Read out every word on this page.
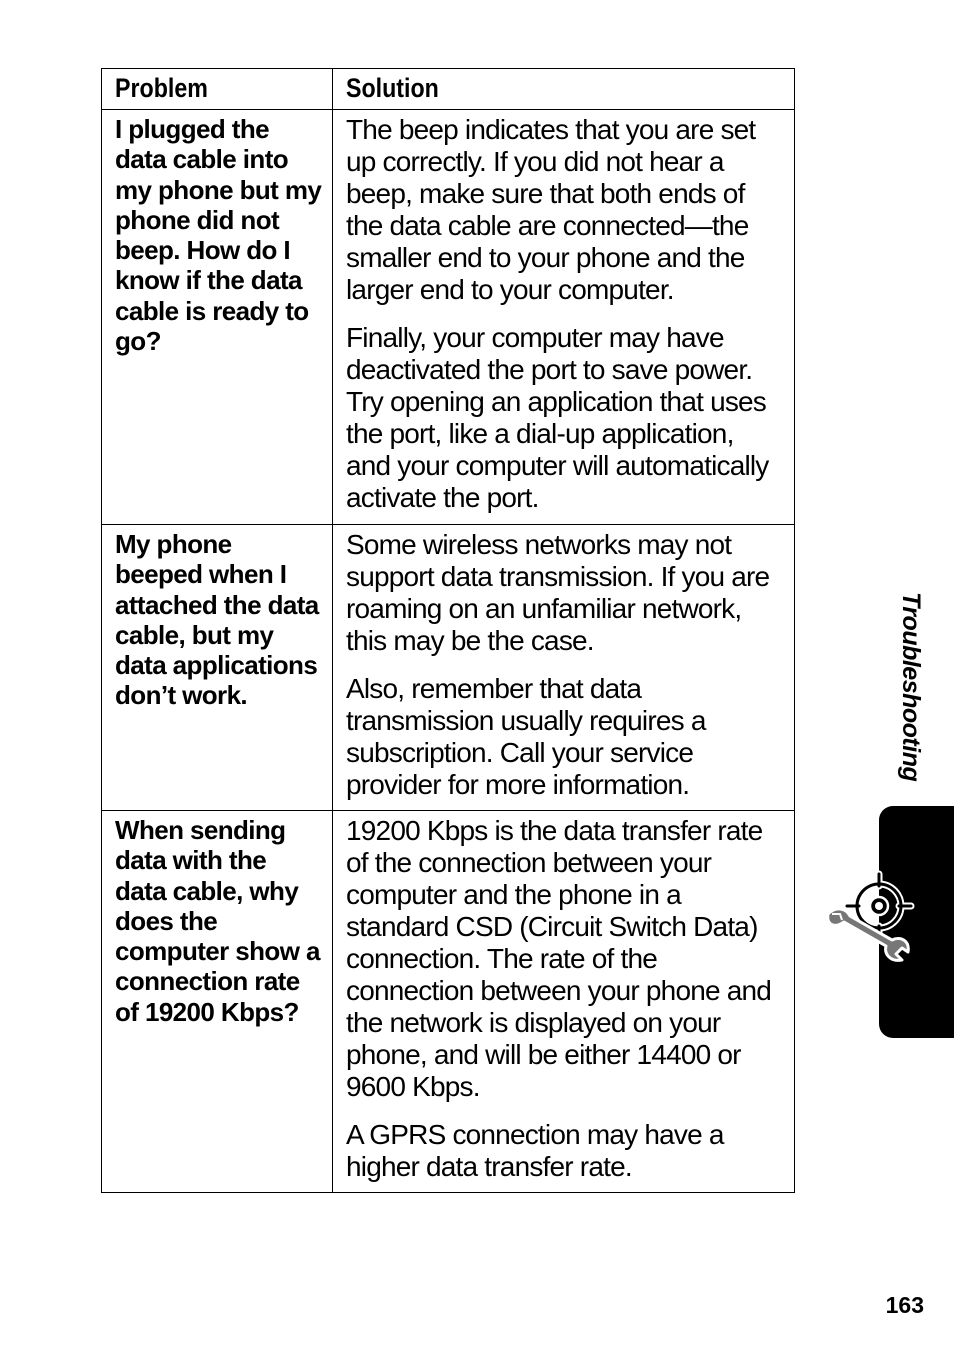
Problem	Solution
I plugged the data cable into my phone but my phone did not beep. How do I know if the data cable is ready to go?	The beep indicates that you are set up correctly. If you did not hear a beep, make sure that both ends of the data cable are connected—the smaller end to your phone and the larger end to your computer.

Finally, your computer may have deactivated the port to save power. Try opening an application that uses the port, like a dial-up application, and your computer will automatically activate the port.

My phone beeped when I attached the data cable, but my data applications don’t work.	Some wireless networks may not support data transmission. If you are roaming on an unfamiliar network, this may be the case.

Also, remember that data transmission usually requires a subscription. Call your service provider for more information.

When sending data with the data cable, why does the computer show a connection rate of 19200 Kbps?	19200 Kbps is the data transfer rate of the connection between your computer and the phone in a standard CSD (Circuit Switch Data) connection. The rate of the connection between your phone and the network is displayed on your phone, and will be either 14400 or 9600 Kbps.

A GPRS connection may have a higher data transfer rate.

Troubleshooting
163
